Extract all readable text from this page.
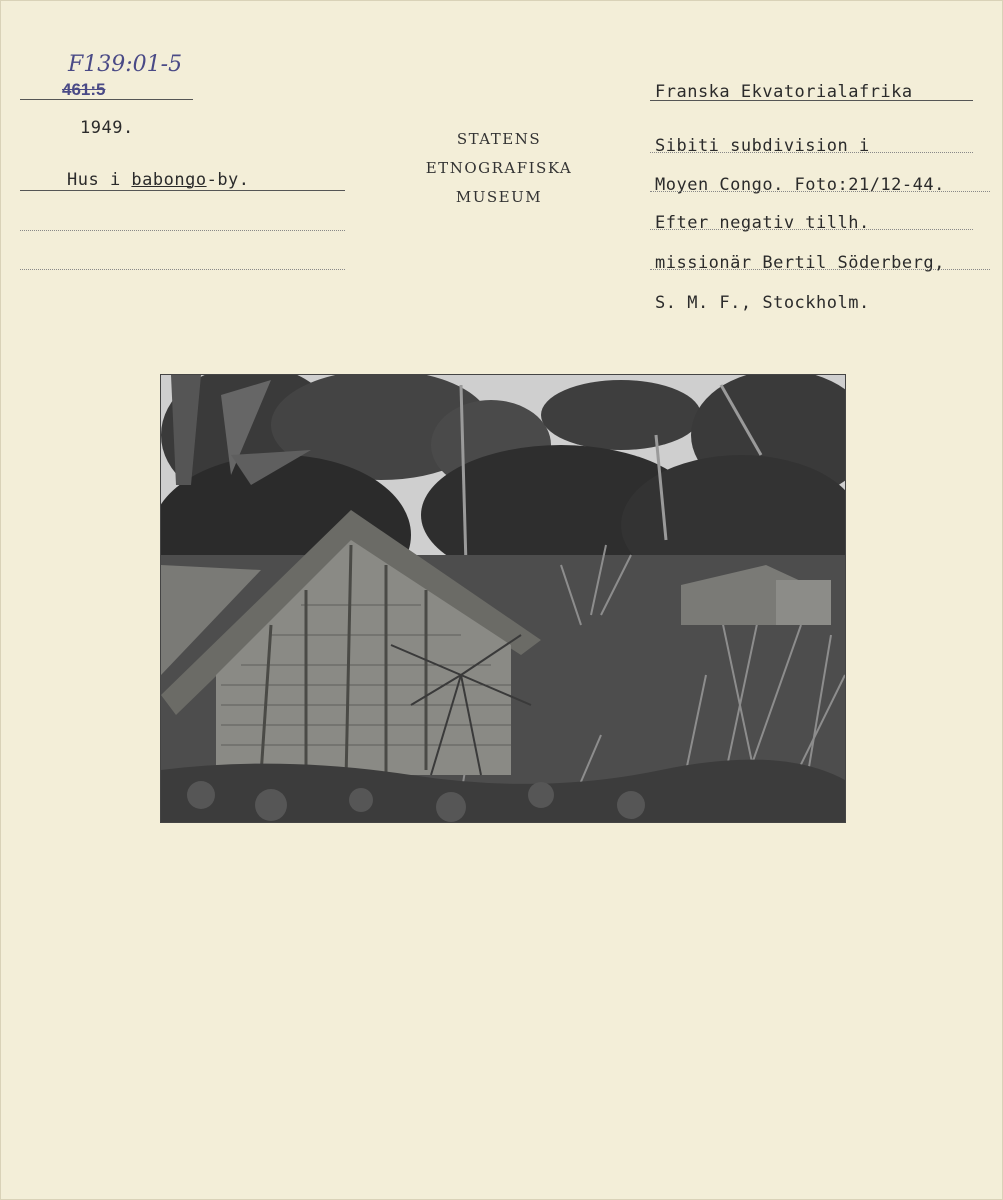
F139:01-5
461:5
1949.
Hus i babongo-by.
STATENS
ETNOGRAFISKA
MUSEUM
Franska Ekvatorialafrika
Sibiti subdivision i
Moyen Congo. Foto:21/12-44.
Efter negativ tillh.
missionär Bertil Söderberg,
S. M. F., Stockholm.
